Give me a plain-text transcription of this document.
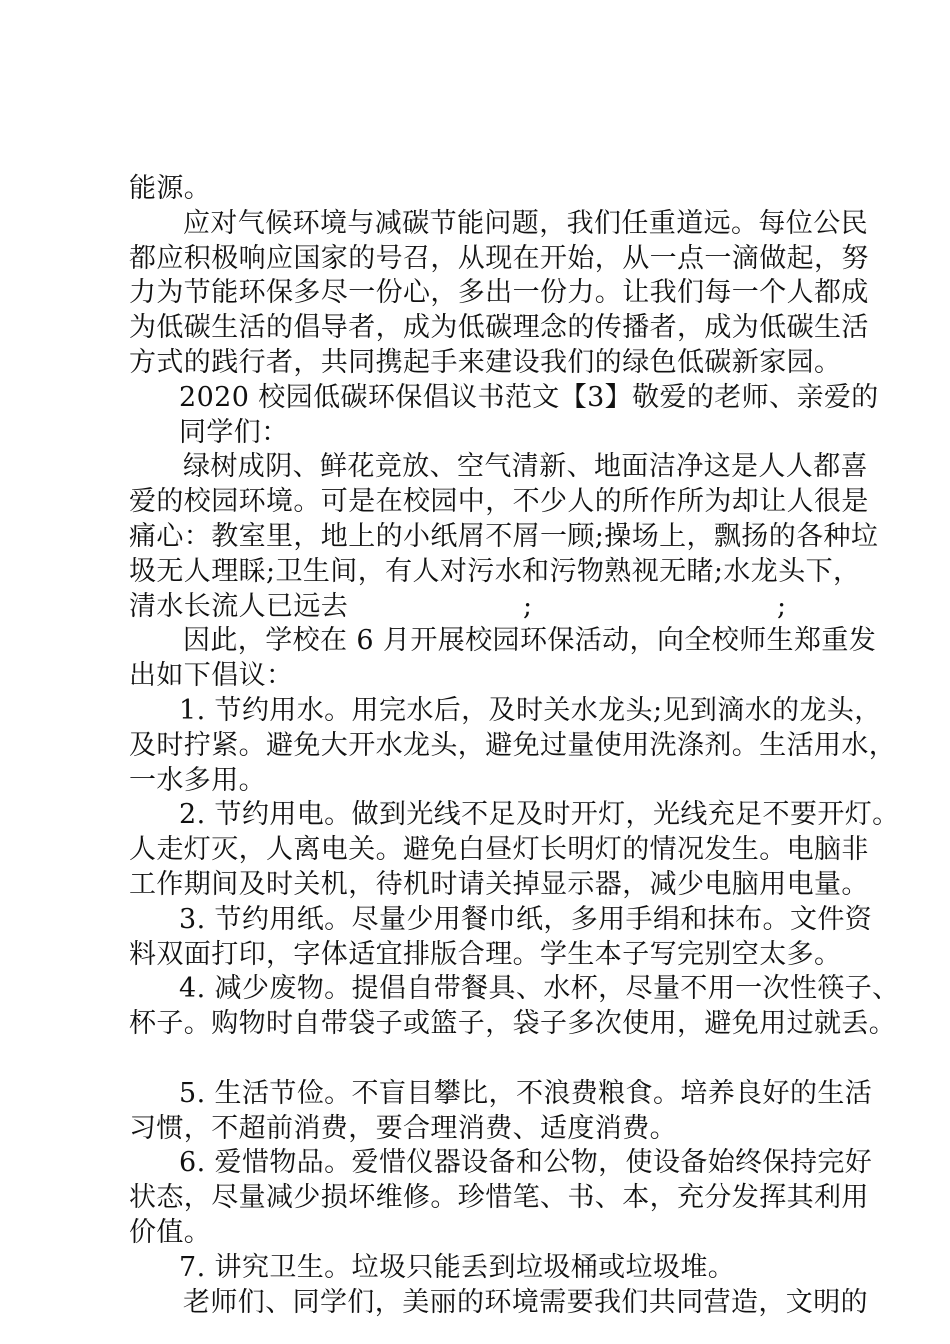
能源。
应对气候环境与减碳节能问题，我们任重道远。每位公民
都应积极响应国家的号召，从现在开始，从一点一滴做起，努
力为节能环保多尽一份心，多出一份力。让我们每一个人都成
为低碳生活的倡导者，成为低碳理念的传播者，成为低碳生活
方式的践行者，共同携起手来建设我们的绿色低碳新家园。
2020 校园低碳环保倡议书范文【3】敬爱的老师、亲爱的
同学们：
绿树成阴、鲜花竞放、空气清新、地面洁净这是人人都喜
爱的校园环境。可是在校园中，不少人的所作所为却让人很是
痛心：教室里，地上的小纸屑不屑一顾;操场上，飘扬的各种垃
圾无人理睬;卫生间，有人对污水和污物熟视无睹;水龙头下，
清水长流人已远去	;	;
因此，学校在 6 月开展校园环保活动，向全校师生郑重发
出如下倡议：
1. 节约用水。用完水后，及时关水龙头;见到滴水的龙头，
及时拧紧。避免大开水龙头，避免过量使用洗涤剂。生活用水，
一水多用。
2. 节约用电。做到光线不足及时开灯，光线充足不要开灯。
人走灯灭，人离电关。避免白昼灯长明灯的情况发生。电脑非
工作期间及时关机，待机时请关掉显示器，减少电脑用电量。
3. 节约用纸。尽量少用餐巾纸，多用手绢和抹布。文件资
料双面打印，字体适宜排版合理。学生本子写完别空太多。
4. 减少废物。提倡自带餐具、水杯，尽量不用一次性筷子、
杯子。购物时自带袋子或篮子，袋子多次使用，避免用过就丢。
5. 生活节俭。不盲目攀比，不浪费粮食。培养良好的生活
习惯，不超前消费，要合理消费、适度消费。
6. 爱惜物品。爱惜仪器设备和公物，使设备始终保持完好
状态，尽量减少损坏维修。珍惜笔、书、本，充分发挥其利用
价值。
7. 讲究卫生。垃圾只能丢到垃圾桶或垃圾堆。
老师们、同学们，美丽的环境需要我们共同营造，文明的
